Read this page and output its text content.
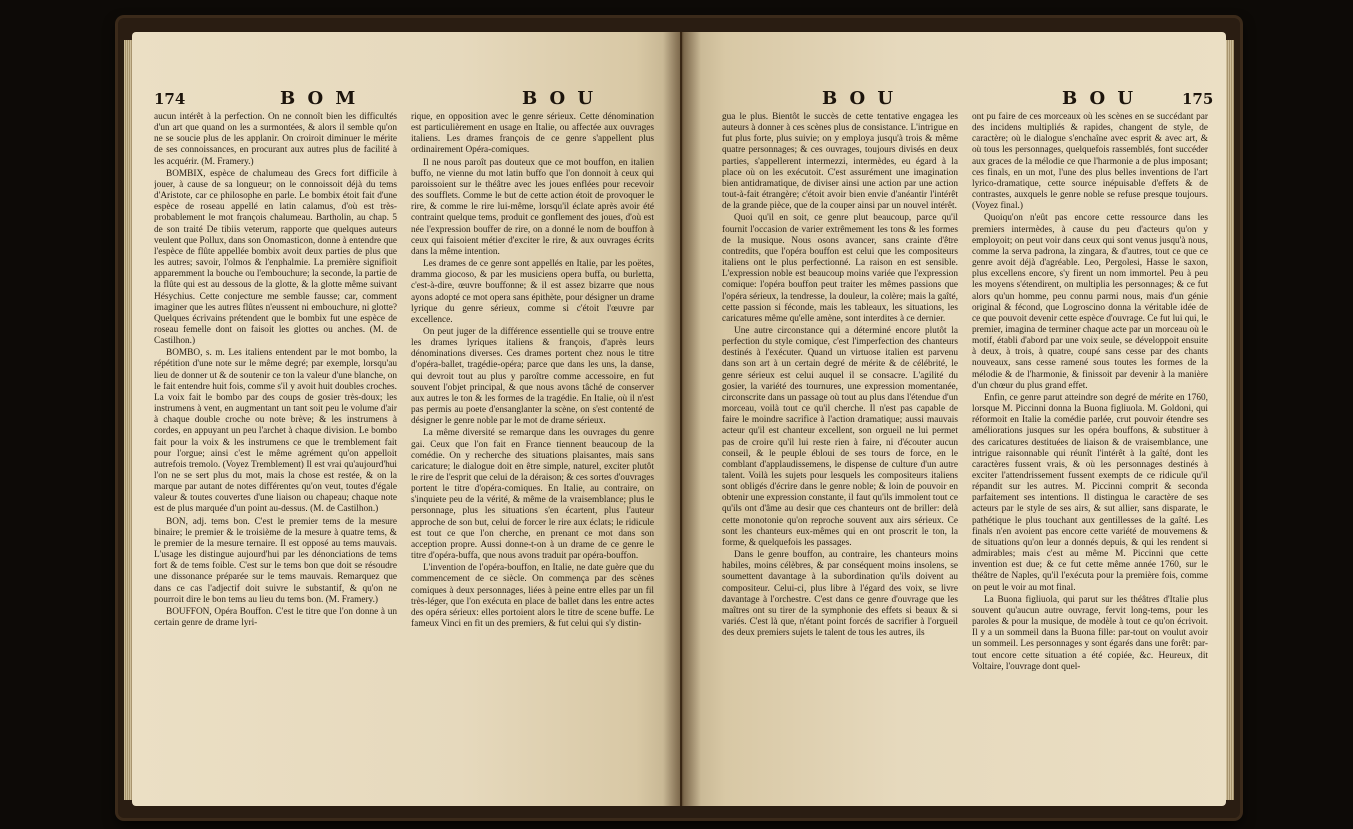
174	B O M	B O U

aucun intérêt à la perfection. On ne connoît bien les difficultés d'un art que quand on les a surmontées, & alors il semble qu'on ne se soucie plus de les applanir. On croiroit diminuer le mérite de ses connoissances, en procurant aux autres plus de facilité à les acquérir. (M. Framery.)

BOMBIX, espèce de chalumeau des Grecs fort difficile à jouer, à cause de sa longueur; on le connoissoit déjà du tems d'Aristote, car ce philosophe en parle. Le bombix étoit fait d'une espèce de roseau appellé en latin calamus, d'où est très-probablement le mot françois chalumeau. Bartholin, au chap. 5 de son traité De tibiis veterum, rapporte que quelques auteurs veulent que Pollux, dans son Onomasticon, donne à entendre que l'espèce de flûte appellée bombix avoit deux parties de plus que les autres; savoir, l'olmos & l'enphalmie. La première signifioit apparemment la bouche ou l'embouchure; la seconde, la partie de la flûte qui est au dessous de la glotte, & la glotte même suivant Hésychius. Cette conjecture me semble fausse; car, comment imaginer que les autres flûtes n'eussent ni embouchure, ni glotte? Quelques écrivains prétendent que le bombix fut une espèce de roseau femelle dont on faisoit les glottes ou anches. (M. de Castilhon.)

BOMBO, s. m. Les italiens entendent par le mot bombo, la répétition d'une note sur le même degré; par exemple, lorsqu'au lieu de donner ut & de soutenir ce ton la valeur d'une blanche, on le fait entendre huit fois, comme s'il y avoit huit doubles croches. La voix fait le bombo par des coups de gosier très-doux; les instrumens à vent, en augmentant un tant soit peu le volume d'air à chaque double croche ou note brève; & les instrumens à cordes, en appuyant un peu l'archet à chaque division. Le bombo fait pour la voix & les instrumens ce que le tremblement fait pour l'orgue; ainsi c'est le même agrément qu'on appelloit autrefois tremolo. (Voyez Tremblement) Il est vrai qu'aujourd'hui l'on ne se sert plus du mot, mais la chose est restée, & on la marque par autant de notes différentes qu'on veut, toutes d'égale valeur & toutes couvertes d'une liaison ou chapeau; chaque note est de plus marquée d'un point au-dessus. (M. de Castilhon.)

BON, adj. tems bon. C'est le premier tems de la mesure binaire; le premier & le troisième de la mesure à quatre tems, & le premier de la mesure ternaire. Il est opposé au tems mauvais. L'usage les distingue aujourd'hui par les dénonciations de tems fort & de tems foible. C'est sur le tems bon que doit se résoudre une dissonance préparée sur le tems mauvais. Remarquez que dans ce cas l'adjectif doit suivre le substantif, & qu'on ne pourroit dire le bon tems au lieu du tems bon. (M. Framery.)

BOUFFON, Opéra Bouffon. C'est le titre que l'on donne à un certain genre de drame lyri-

rique, en opposition avec le genre sérieux. Cette dénomination est particulièrement en usage en Italie, ou affectée aux ouvrages italiens. Les drames françois de ce genre s'appellent plus ordinairement Opéra-comiques.

Il ne nous paroît pas douteux que ce mot bouffon, en italien buffo, ne vienne du mot latin buffo que l'on donnoit à ceux qui paroissoient sur le théâtre avec les joues enflées pour recevoir des soufflets. Comme le but de cette action étoit de provoquer le rire, & comme le rire lui-même, lorsqu'il éclate après avoir été contraint quelque tems, produit ce gonflement des joues, d'où est née l'expression bouffer de rire, on a donné le nom de bouffon à ceux qui faisoient métier d'exciter le rire, & aux ouvrages écrits dans la même intention.

Les drames de ce genre sont appellés en Italie, par les poëtes, dramma giocoso, & par les musiciens opera buffa, ou burletta, c'est-à-dire, œuvre bouffonne; & il est assez bizarre que nous ayons adopté ce mot opera sans épithète, pour désigner un drame lyrique du genre sérieux, comme si c'étoit l'œuvre par excellence.

On peut juger de la différence essentielle qui se trouve entre les drames lyriques italiens & françois, d'après leurs dénominations diverses. Ces drames portent chez nous le titre d'opéra-ballet, tragédie-opéra; parce que dans les uns, la danse, qui devroit tout au plus y paroître comme accessoire, en fut souvent l'objet principal, & que nous avons tâché de conserver aux autres le ton & les formes de la tragédie. En Italie, où il n'est pas permis au poete d'ensanglanter la scène, on s'est contenté de désigner le genre noble par le mot de drame sérieux.

La même diversité se remarque dans les ouvrages du genre gai. Ceux que l'on fait en France tiennent beaucoup de la comédie. On y recherche des situations plaisantes, mais sans caricature; le dialogue doit en être simple, naturel, exciter plutôt le rire de l'esprit que celui de la déraison; & ces sortes d'ouvrages portent le titre d'opéra-comiques. En Italie, au contraire, on s'inquiete peu de la vérité, & même de la vraisemblance; plus le personnage, plus les situations s'en écartent, plus l'auteur approche de son but, celui de forcer le rire aux éclats; le ridicule est tout ce que l'on cherche, en prenant ce mot dans son acception propre. Aussi donne-t-on à un drame de ce genre le titre d'opéra-buffa, que nous avons traduit par opéra-bouffon.

L'invention de l'opéra-bouffon, en Italie, ne date guère que du commencement de ce siècle. On commença par des scènes comiques à deux personnages, liées à peine entre elles par un fil très-léger, que l'on exécuta en place de ballet dans les entre actes des opéra sérieux: elles portoient alors le titre de scene buffe. Le fameux Vinci en fit un des premiers, & fut celui qui s'y distin-

B O U	B O U	175

gua le plus. Bientôt le succès de cette tentative engagea les auteurs à donner à ces scènes plus de consistance. L'intrigue en fut plus forte, plus suivie; on y employa jusqu'à trois & même quatre personnages; & ces ouvrages, toujours divisés en deux parties, s'appellerent intermezzi, intermèdes, eu égard à la place où on les exécutoit. C'est assurément une imagination bien antidramatique, de diviser ainsi une action par une action tout-à-fait étrangère; c'étoit avoir bien envie d'anéantir l'intérêt de la grande pièce, que de la couper ainsi par un nouvel intérêt.

Quoi qu'il en soit, ce genre plut beaucoup, parce qu'il fournit l'occasion de varier extrêmement les tons & les formes de la musique. Nous osons avancer, sans crainte d'être contredits, que l'opéra bouffon est celui que les compositeurs italiens ont le plus perfectionné. La raison en est sensible. L'expression noble est beaucoup moins variée que l'expression comique: l'opéra bouffon peut traiter les mêmes passions que l'opéra sérieux, la tendresse, la douleur, la colère; mais la gaîté, cette passion si féconde, mais les tableaux, les situations, les caricatures même qu'elle amène, sont interdites à ce dernier.

Une autre circonstance qui a déterminé encore plutôt la perfection du style comique, c'est l'imperfection des chanteurs destinés à l'exécuter. Quand un virtuose italien est parvenu dans son art à un certain degré de mérite & de célébrité, le genre sérieux est celui auquel il se consacre. L'agilité du gosier, la variété des tournures, une expression momentanée, circonscrite dans un passage où tout au plus dans l'étendue d'un morceau, voilà tout ce qu'il cherche. Il n'est pas capable de faire le moindre sacrifice à l'action dramatique; aussi mauvais acteur qu'il est chanteur excellent, son orgueil ne lui permet pas de croire qu'il lui reste rien à faire, ni d'écouter aucun conseil, & le peuple ébloui de ses tours de force, en le comblant d'applaudissemens, le dispense de culture d'un autre talent. Voilà les sujets pour lesquels les compositeurs italiens sont obligés d'écrire dans le genre noble; & loin de pouvoir en obtenir une expression constante, il faut qu'ils immolent tout ce qu'ils ont d'âme au desir que ces chanteurs ont de briller: delà cette monotonie qu'on reproche souvent aux airs sérieux. Ce sont les chanteurs eux-mêmes qui en ont proscrit le ton, la forme, & quelquefois les passages.

Dans le genre bouffon, au contraire, les chanteurs moins habiles, moins célèbres, & par conséquent moins insolens, se soumettent davantage à la subordination qu'ils doivent au compositeur. Celui-ci, plus libre à l'égard des voix, se livre davantage à l'orchestre. C'est dans ce genre d'ouvrage que les maîtres ont su tirer de la symphonie des effets si beaux & si variés. C'est là que, n'étant point forcés de sacrifier à l'orgueil des deux premiers sujets le talent de tous les autres, ils

ont pu faire de ces morceaux où les scènes en se succédant par des incidens multipliés & rapides, changent de style, de caractère; où le dialogue s'enchaîne avec esprit & avec art, & où tous les personnages, quelquefois rassemblés, font succéder aux graces de la mélodie ce que l'harmonie a de plus imposant; ces finals, en un mot, l'une des plus belles inventions de l'art lyrico-dramatique, cette source inépuisable d'effets & de contrastes, auxquels le genre noble se refuse presque toujours. (Voyez final.)

Quoiqu'on n'eût pas encore cette ressource dans les premiers intermèdes, à cause du peu d'acteurs qu'on y employoit; on peut voir dans ceux qui sont venus jusqu'à nous, comme la serva padrona, la zingara, & d'autres, tout ce que ce genre avoit déjà d'agréable. Leo, Pergolesi, Hasse le saxon, plus excellens encore, s'y firent un nom immortel. Peu à peu les moyens s'étendirent, on multiplia les personnages; & ce fut alors qu'un homme, peu connu parmi nous, mais d'un génie original & fécond, que Logroscino donna la véritable idée de ce que pouvoit devenir cette espèce d'ouvrage. Ce fut lui qui, le premier, imagina de terminer chaque acte par un morceau où le motif, établi d'abord par une voix seule, se développoit ensuite à deux, à trois, à quatre, coupé sans cesse par des chants nouveaux, sans cesse ramené sous toutes les formes de la mélodie & de l'harmonie, & finissoit par devenir à la manière d'un chœur du plus grand effet.

Enfin, ce genre parut atteindre son degré de mérite en 1760, lorsque M. Piccinni donna la Buona figliuola. M. Goldoni, qui réformoit en Italie la comédie parlée, crut pouvoir étendre ses améliorations jusques sur les opéra bouffons, & substituer à des caricatures destituées de liaison & de vraisemblance, une intrigue raisonnable qui réunît l'intérêt à la gaîté, dont les caractères fussent vrais, & où les personnages destinés à exciter l'attendrissement fussent exempts de ce ridicule qu'il répandit sur les autres. M. Piccinni comprit & seconda parfaitement ses intentions. Il distingua le caractère de ses acteurs par le style de ses airs, & sut allier, sans disparate, le pathétique le plus touchant aux gentillesses de la gaîté. Les finals n'en avoient pas encore cette variété de mouvemens & de situations qu'on leur a donnés depuis, & qui les rendent si admirables; mais c'est au même M. Piccinni que cette invention est due; & ce fut cette même année 1760, sur le théâtre de Naples, qu'il l'exécuta pour la première fois, comme on peut le voir au mot final.

La Buona figliuola, qui parut sur les théâtres d'Italie plus souvent qu'aucun autre ouvrage, fervit long-tems, pour les paroles & pour la musique, de modèle à tout ce qu'on écrivoit. Il y a un sommeil dans la Buona fille: par-tout on voulut avoir un sommeil. Les personnages y sont égarés dans une forêt: par-tout encore cette situation a été copiée, &c. Heureux, dit Voltaire, l'ouvrage dont quel-
